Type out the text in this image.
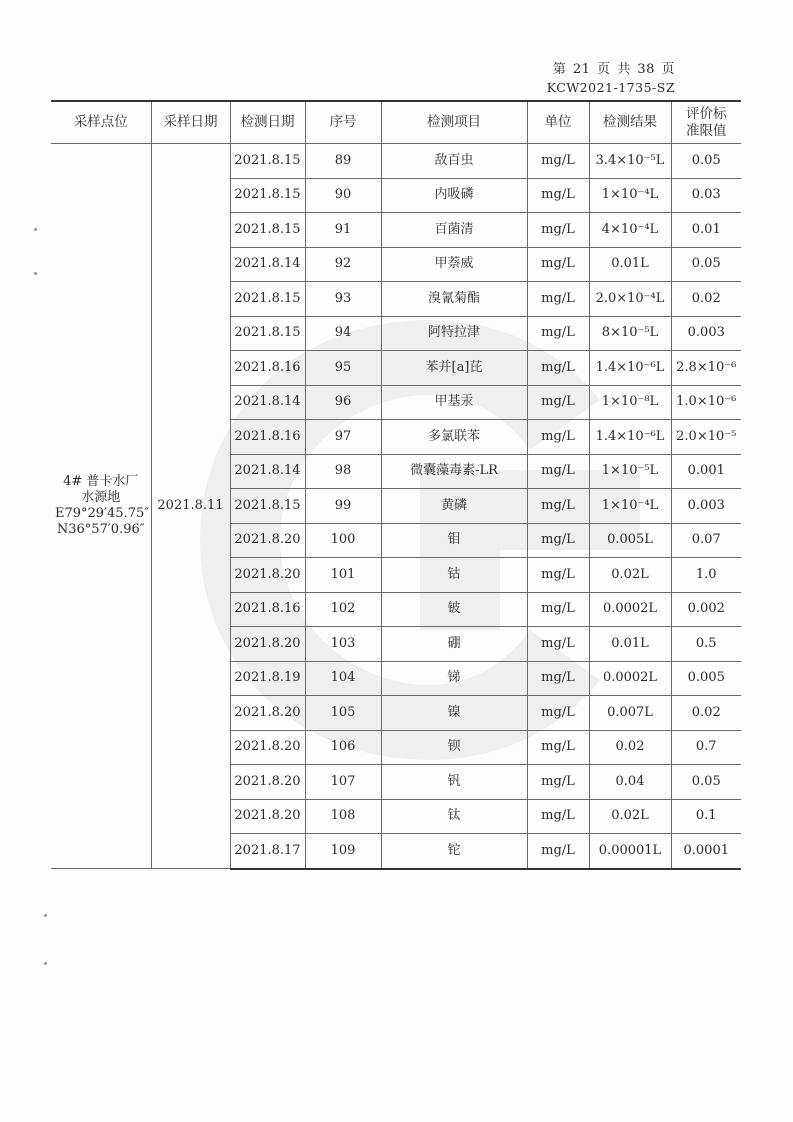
第 21 页 共 38 页
KCW2021-1735-SZ
采样点位	采样日期	检测日期	序号	检测项目	单位	检测结果	评价标
准限值

4# 普卡水厂
水源地
E79°29′45.75″
N36°57′0.96″	2021.8.11	2021.8.15	89	敌百虫	mg/L	3.4×10⁻⁵L	0.05
		2021.8.15	90	内吸磷	mg/L	1×10⁻⁴L	0.03
		2021.8.15	91	百菌清	mg/L	4×10⁻⁴L	0.01
		2021.8.14	92	甲萘威	mg/L	0.01L	0.05
		2021.8.15	93	溴氰菊酯	mg/L	2.0×10⁻⁴L	0.02
		2021.8.15	94	阿特拉津	mg/L	8×10⁻⁵L	0.003
		2021.8.16	95	苯并[a]芘	mg/L	1.4×10⁻⁶L	2.8×10⁻⁶
		2021.8.14	96	甲基汞	mg/L	1×10⁻⁸L	1.0×10⁻⁶
		2021.8.16	97	多氯联苯	mg/L	1.4×10⁻⁶L	2.0×10⁻⁵
		2021.8.14	98	微囊藻毒素-LR	mg/L	1×10⁻⁵L	0.001
		2021.8.15	99	黄磷	mg/L	1×10⁻⁴L	0.003
		2021.8.20	100	钼	mg/L	0.005L	0.07
		2021.8.20	101	钴	mg/L	0.02L	1.0
		2021.8.16	102	铍	mg/L	0.0002L	0.002
		2021.8.20	103	硼	mg/L	0.01L	0.5
		2021.8.19	104	锑	mg/L	0.0002L	0.005
		2021.8.20	105	镍	mg/L	0.007L	0.02
		2021.8.20	106	钡	mg/L	0.02	0.7
		2021.8.20	107	钒	mg/L	0.04	0.05
		2021.8.20	108	钛	mg/L	0.02L	0.1
		2021.8.17	109	铊	mg/L	0.00001L	0.0001
